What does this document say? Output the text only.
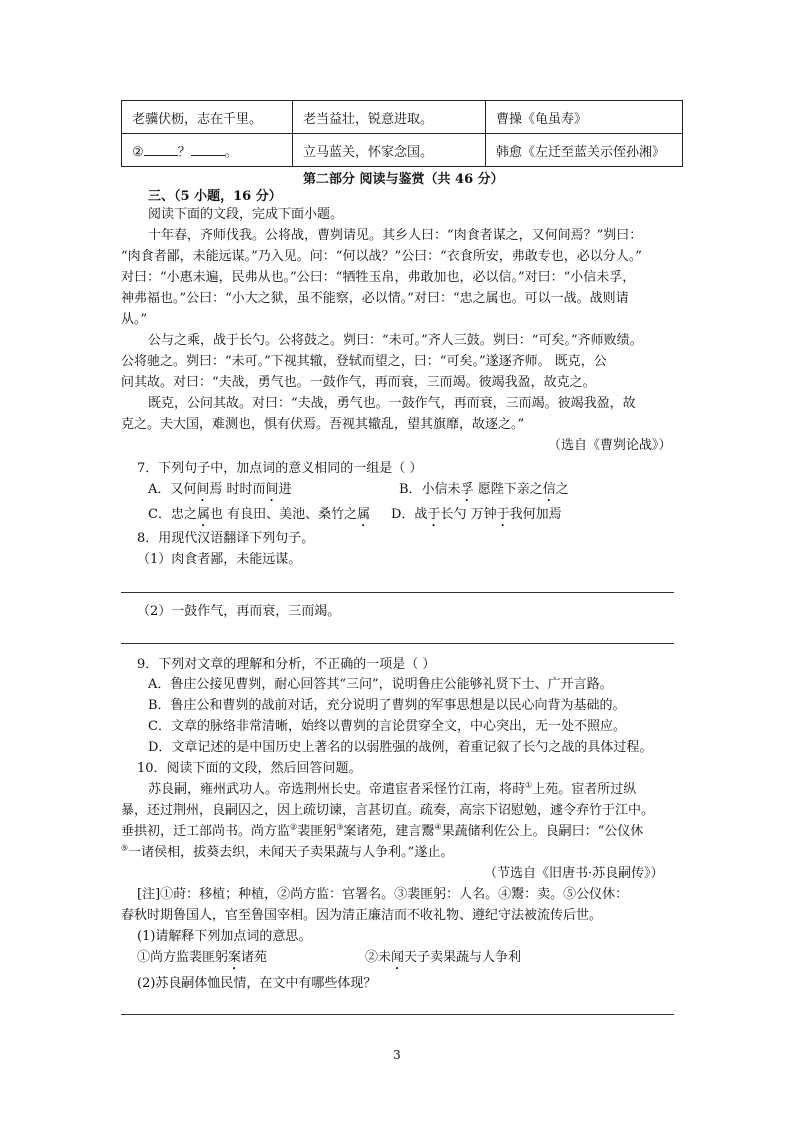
老骥伏枥，志在千里。	老当益壮，锐意进取。	曹操《龟虽寿》
② ？ 。	立马蓝关，怀家念国。	韩愈《左迁至蓝关示侄孙湘》
第二部分 阅读与鉴赏（共 46 分）
三、（5 小题，16 分）
阅读下面的文段，完成下面小题。
十年春，齐师伐我。公将战，曹刿请见。其乡人曰：“肉食者谋之，又何间焉？”刿曰：
“肉食者鄙，未能远谋。”乃入见。问：“何以战？”公曰：“衣食所安，弗敢专也，必以分人。”
对曰：“小惠未遍，民弗从也。”公曰：“牺牲玉帛，弗敢加也，必以信。”对曰：“小信未孚，
神弗福也。”公曰：“小大之狱，虽不能察，必以情。”对曰：“忠之属也。可以一战。战则请
从。”
公与之乘，战于长勺。公将鼓之。刿曰：“未可。”齐人三鼓。刿曰：“可矣。”齐师败绩。
公将驰之。刿曰：“未可。”下视其辙，登轼而望之，曰：“可矣。”遂逐齐师。 既克，公
问其故。对曰：“夫战，勇气也。一鼓作气，再而衰，三而竭。彼竭我盈，故克之。
既克，公问其故。对曰：“夫战，勇气也。一鼓作气，再而衰，三而竭。彼竭我盈，故
克之。夫大国，难测也，惧有伏焉。吾视其辙乱，望其旗靡，故逐之。”
（选自《曹刿论战》）
7．下列句子中，加点词的意义相同的一组是（ ）
A．又何间焉 时时而间进	B．小信未孚 愿陛下亲之信之
C．忠之属也 有良田、美池、桑竹之属 D．战于长勺 万钟于我何加焉
8．用现代汉语翻译下列句子。
（1）肉食者鄙，未能远谋。
（2）一鼓作气，再而衰，三而竭。
9．下列对文章的理解和分析，不正确的一项是（ ）
A．鲁庄公接见曹刿，耐心回答其“三问”，说明鲁庄公能够礼贤下士、广开言路。
B．鲁庄公和曹刿的战前对话，充分说明了曹刿的军事思想是以民心向背为基础的。
C．文章的脉络非常清晰，始终以曹刿的言论贯穿全文，中心突出，无一处不照应。
D．文章记述的是中国历史上著名的以弱胜强的战例，着重记叙了长勺之战的具体过程。
10．阅读下面的文段，然后回答问题。
苏良嗣，雍州武功人。帝选荆州长史。帝遣宦者采怪竹江南，将莳①上苑。宦者所过纵
暴，还过荆州，良嗣囚之，因上疏切谏，言甚切直。疏奏，高宗下诏慰勉，遽令弃竹于江中。
垂拱初，迁工部尚书。尚方监②裴匪躬③案诸苑，建言鬻④果蔬储利佐公上。良嗣曰：“公仪休
⑤一诸侯相，拔葵去织，未闻天子卖果蔬与人争利。”遂止。
（节选自《旧唐书·苏良嗣传》）
[注]①莳：移植；种植，②尚方监：官署名。③裴匪躬：人名。④鬻：卖。⑤公仪休：
春秋时期鲁国人，官至鲁国宰相。因为清正廉洁而不收礼物、遵纪守法被流传后世。
(1)请解释下列加点词的意思。
①尚方监裴匪躬案诸苑	②未闻天子卖果蔬与人争利
(2)苏良嗣体恤民情，在文中有哪些体现？
3
